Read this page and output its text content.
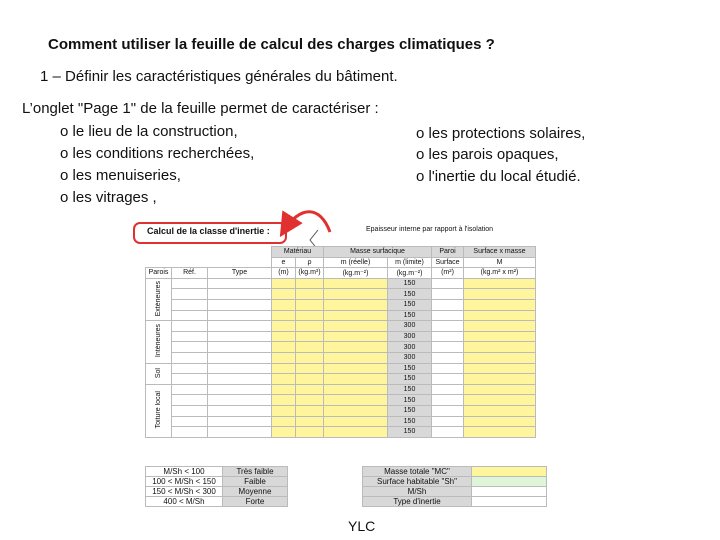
Comment utiliser la feuille de calcul des charges climatiques ?
1 – Définir les caractéristiques générales du bâtiment.
L’onglet "Page 1" de la feuille permet de caractériser :
o le lieu de la construction,
o les conditions recherchées,
o les menuiseries,
o les vitrages ,
o les protections solaires,
o les parois opaques,
o l'inertie du local étudié.
Calcul de la classe d'inertie :	Epaisseur interne par rapport à l'isolation
			Matériau		Masse surfacique		Paroi	Surface x masse
			e	ρ	m (réelle)	m (limite)	Surface	M
Parois	Réf.	Type	(m)	(kg.m³)	(kg.m⁻²)	(kg.m⁻²)	(m²)	(kg.m² x m²)
Extérieures						150		
						150		
						150		
						150		
Intérieures						300		
						300		
						300		
						300		
Sol						150		
						150		
Toiture local						150		
						150		
						150		
						150		
						150		
M/Sh < 100	Très faible
100 < M/Sh < 150	Faible
150 < M/Sh < 300	Moyenne
400 < M/Sh	Forte
Masse totale "MC"	
Surface habitable "Sh"	
M/Sh	
Type d'inertie	
YLC
